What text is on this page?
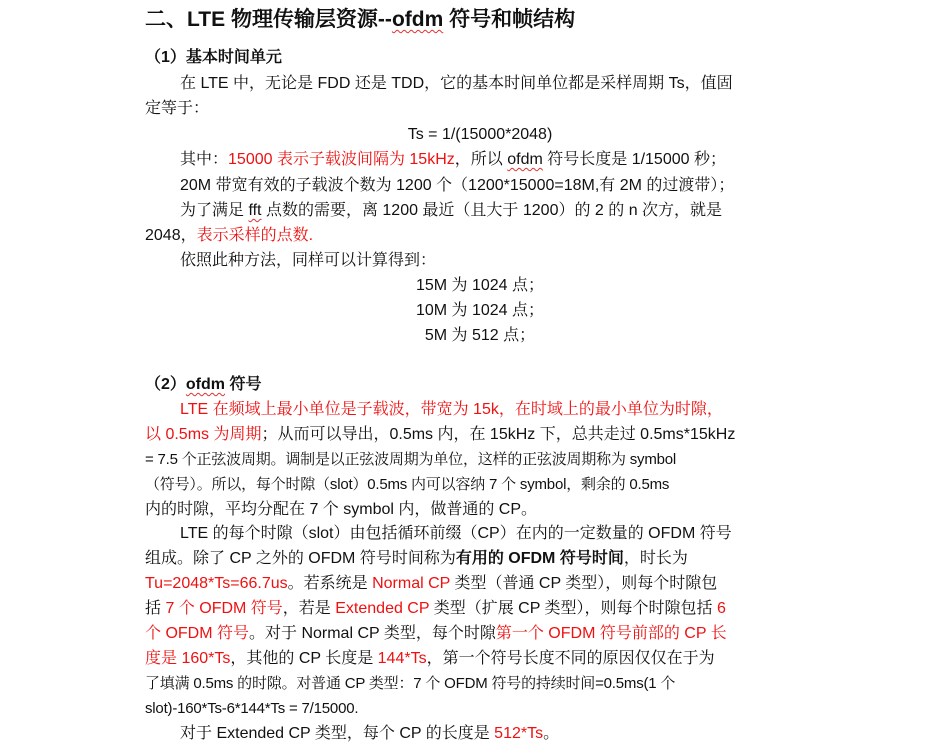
二、LTE 物理传输层资源--ofdm 符号和帧结构
（1）基本时间单元
在 LTE 中，无论是 FDD 还是 TDD，它的基本时间单位都是采样周期 Ts，值固
定等于：
Ts = 1/(15000*2048)
其中：15000 表示子载波间隔为 15kHz，所以 ofdm 符号长度是 1/15000 秒；
20M 带宽有效的子载波个数为 1200 个（1200*15000=18M,有 2M 的过渡带）；
为了满足 fft 点数的需要，离 1200 最近（且大于 1200）的 2 的 n 次方，就是
2048，表示采样的点数.
依照此种方法，同样可以计算得到：
15M 为 1024 点；
10M 为 1024 点；
5M 为 512 点；
（2）ofdm 符号
LTE 在频域上最小单位是子载波，带宽为 15k，在时域上的最小单位为时隙，
以 0.5ms 为周期；从而可以导出，0.5ms 内，在 15kHz 下，总共走过 0.5ms*15kHz
= 7.5 个正弦波周期。调制是以正弦波周期为单位，这样的正弦波周期称为 symbol
（符号）。所以，每个时隙（slot）0.5ms 内可以容纳 7 个 symbol，剩余的 0.5ms
内的时隙，平均分配在 7 个 symbol 内，做普通的 CP。
LTE 的每个时隙（slot）由包括循环前缀（CP）在内的一定数量的 OFDM 符号
组成。除了 CP 之外的 OFDM 符号时间称为有用的 OFDM 符号时间，时长为
Tu=2048*Ts=66.7us。若系统是 Normal CP 类型（普通 CP 类型），则每个时隙包
括 7 个 OFDM 符号，若是 Extended CP 类型（扩展 CP 类型），则每个时隙包括 6
个 OFDM 符号。对于 Normal CP 类型，每个时隙第一个 OFDM 符号前部的 CP 长
度是 160*Ts，其他的 CP 长度是 144*Ts，第一个符号长度不同的原因仅仅在于为
了填满 0.5ms 的时隙。对普通 CP 类型：7 个 OFDM 符号的持续时间=0.5ms(1 个
slot)-160*Ts-6*144*Ts = 7/15000.
对于 Extended CP 类型，每个 CP 的长度是 512*Ts。
